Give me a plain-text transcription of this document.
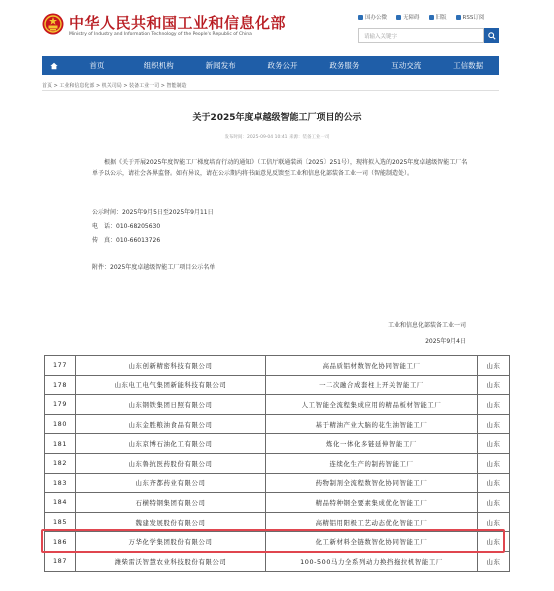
中华人民共和国工业和信息化部
Ministry of Industry and Information Technology of the People's Republic of China
国办公微	无障碍	旧版	RSS订阅
请输入关键字
首页	组织机构	新闻发布	政务公开	政务服务	互动交流	工信数据
首页 > 工业和信息化部 > 机关司局 > 装备工业一司 > 智能制造
关于2025年度卓越级智能工厂项目的公示
发布时间：2025-09-04 10:41 来源：装备工业一司
根据《关于开展2025年度智能工厂梯度培育行动的通知》（工信厅联通装函〔2025〕251号），现将拟入选的2025年度卓越级智能工厂名单予以公示，请社会各界监督。如有异议，请在公示期内将书面意见反馈至工业和信息化部装备工业一司（智能制造处）。
公示时间：2025年9月5日至2025年9月11日
电　话：010-68205630
传　真：010-66013726
附件：2025年度卓越级智能工厂项目公示名单
工业和信息化部装备工业一司
2025年9月4日
177	山东创新精密科技有限公司	高品质铝材数智化协同智能工厂	山东
178	山东电工电气集团新能科技有限公司	一二次融合成套柱上开关智能工厂	山东
179	山东钢铁集团日照有限公司	人工智能全流程集成应用的精品板材智能工厂	山东
180	山东金胜粮油食品有限公司	基于精油产业大脑的花生油智能工厂	山东
181	山东京博石油化工有限公司	炼化一体化多链延伸智能工厂	山东
182	山东鲁抗医药股份有限公司	连续化生产的制药智能工厂	山东
183	山东齐都药业有限公司	药物制剂全流程数智化协同智能工厂	山东
184	石横特钢集团有限公司	精品特种钢全要素集成优化智能工厂	山东
185	魏建发展股份有限公司	高精铝用阳极工艺动态优化智能工厂	山东
186	万华化学集团股份有限公司	化工新材料全链数智化协同智能工厂	山东
187	潍柴雷沃智慧农业科技股份有限公司	100-500马力全系列动力换挡拖拉机智能工厂	山东
